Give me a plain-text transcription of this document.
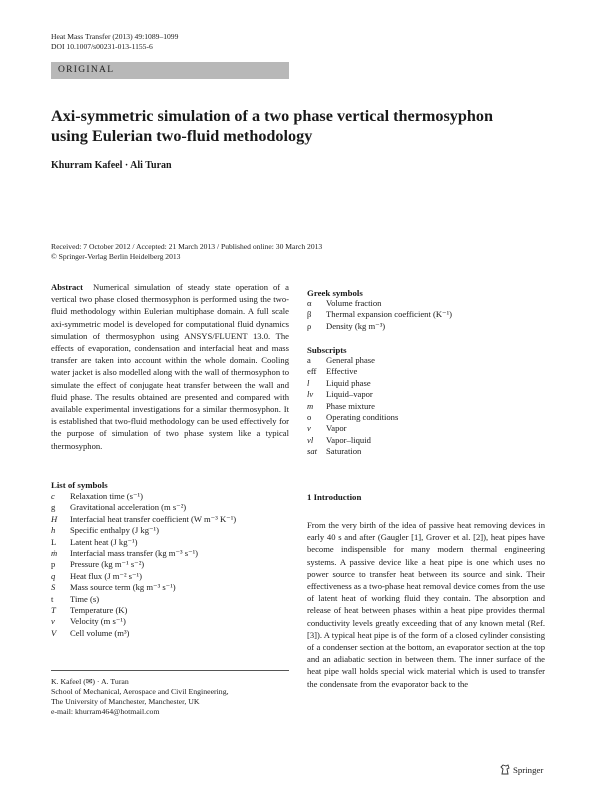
Heat Mass Transfer (2013) 49:1089–1099
DOI 10.1007/s00231-013-1155-6
ORIGINAL
Axi-symmetric simulation of a two phase vertical thermosyphon
using Eulerian two-fluid methodology
Khurram Kafeel · Ali Turan
Received: 7 October 2012 / Accepted: 21 March 2013 / Published online: 30 March 2013
© Springer-Verlag Berlin Heidelberg 2013
Abstract Numerical simulation of steady state operation of a vertical two phase closed thermosyphon is performed using the two-fluid methodology within Eulerian multiphase domain. A full scale axi-symmetric model is developed for computational fluid dynamics simulation of thermosyphon using ANSYS/FLUENT 13.0. The effects of evaporation, condensation and interfacial heat and mass transfer are taken into account within the whole domain. Cooling water jacket is also modelled along with the wall of thermosyphon to simulate the effect of conjugate heat transfer between the wall and fluid phase. The results obtained are presented and compared with available experimental investigations for a similar thermosyphon. It is established that two-fluid methodology can be used effectively for the purpose of simulation of two phase system like a typical thermosyphon.
List of symbols
c	Relaxation time (s⁻¹)
g	Gravitational acceleration (m s⁻²)
H	Interfacial heat transfer coefficient (W m⁻³ K⁻¹)
h	Specific enthalpy (J kg⁻¹)
L	Latent heat (J kg⁻¹)
ṁ	Interfacial mass transfer (kg m⁻³ s⁻¹)
p	Pressure (kg m⁻¹ s⁻²)
q	Heat flux (J m⁻² s⁻¹)
S	Mass source term (kg m⁻³ s⁻¹)
t	Time (s)
T	Temperature (K)
v	Velocity (m s⁻¹)
V	Cell volume (m³)
Greek symbols
α	Volume fraction
β	Thermal expansion coefficient (K⁻¹)
ρ	Density (kg m⁻³)
Subscripts
a	General phase
eff	Effective
l	Liquid phase
lv	Liquid–vapor
m	Phase mixture
o	Operating conditions
v	Vapor
vl	Vapor–liquid
sat	Saturation
1 Introduction
From the very birth of the idea of passive heat removing devices in early 40 s and after (Gaugler [1], Grover et al. [2]), heat pipes have become indispensible for many modern thermal engineering systems. A passive device like a heat pipe is one which uses no power source to transfer heat between its source and sink. Their effectiveness as a two-phase heat removal device comes from the use of latent heat of working fluid they contain. The absorption and release of heat between phases within a heat pipe provides thermal conductivity levels greatly exceeding that of any known metal (Ref. [3]). A typical heat pipe is of the form of a closed cylinder consisting of a condenser section at the bottom, an evaporator section at the top and an adiabatic section in between them. The inner surface of the heat pipe wall holds special wick material which is used to transfer the condensate from the evaporator back to the
K. Kafeel (✉) · A. Turan
School of Mechanical, Aerospace and Civil Engineering,
The University of Manchester, Manchester, UK
e-mail: khurram464@hotmail.com
Springer
